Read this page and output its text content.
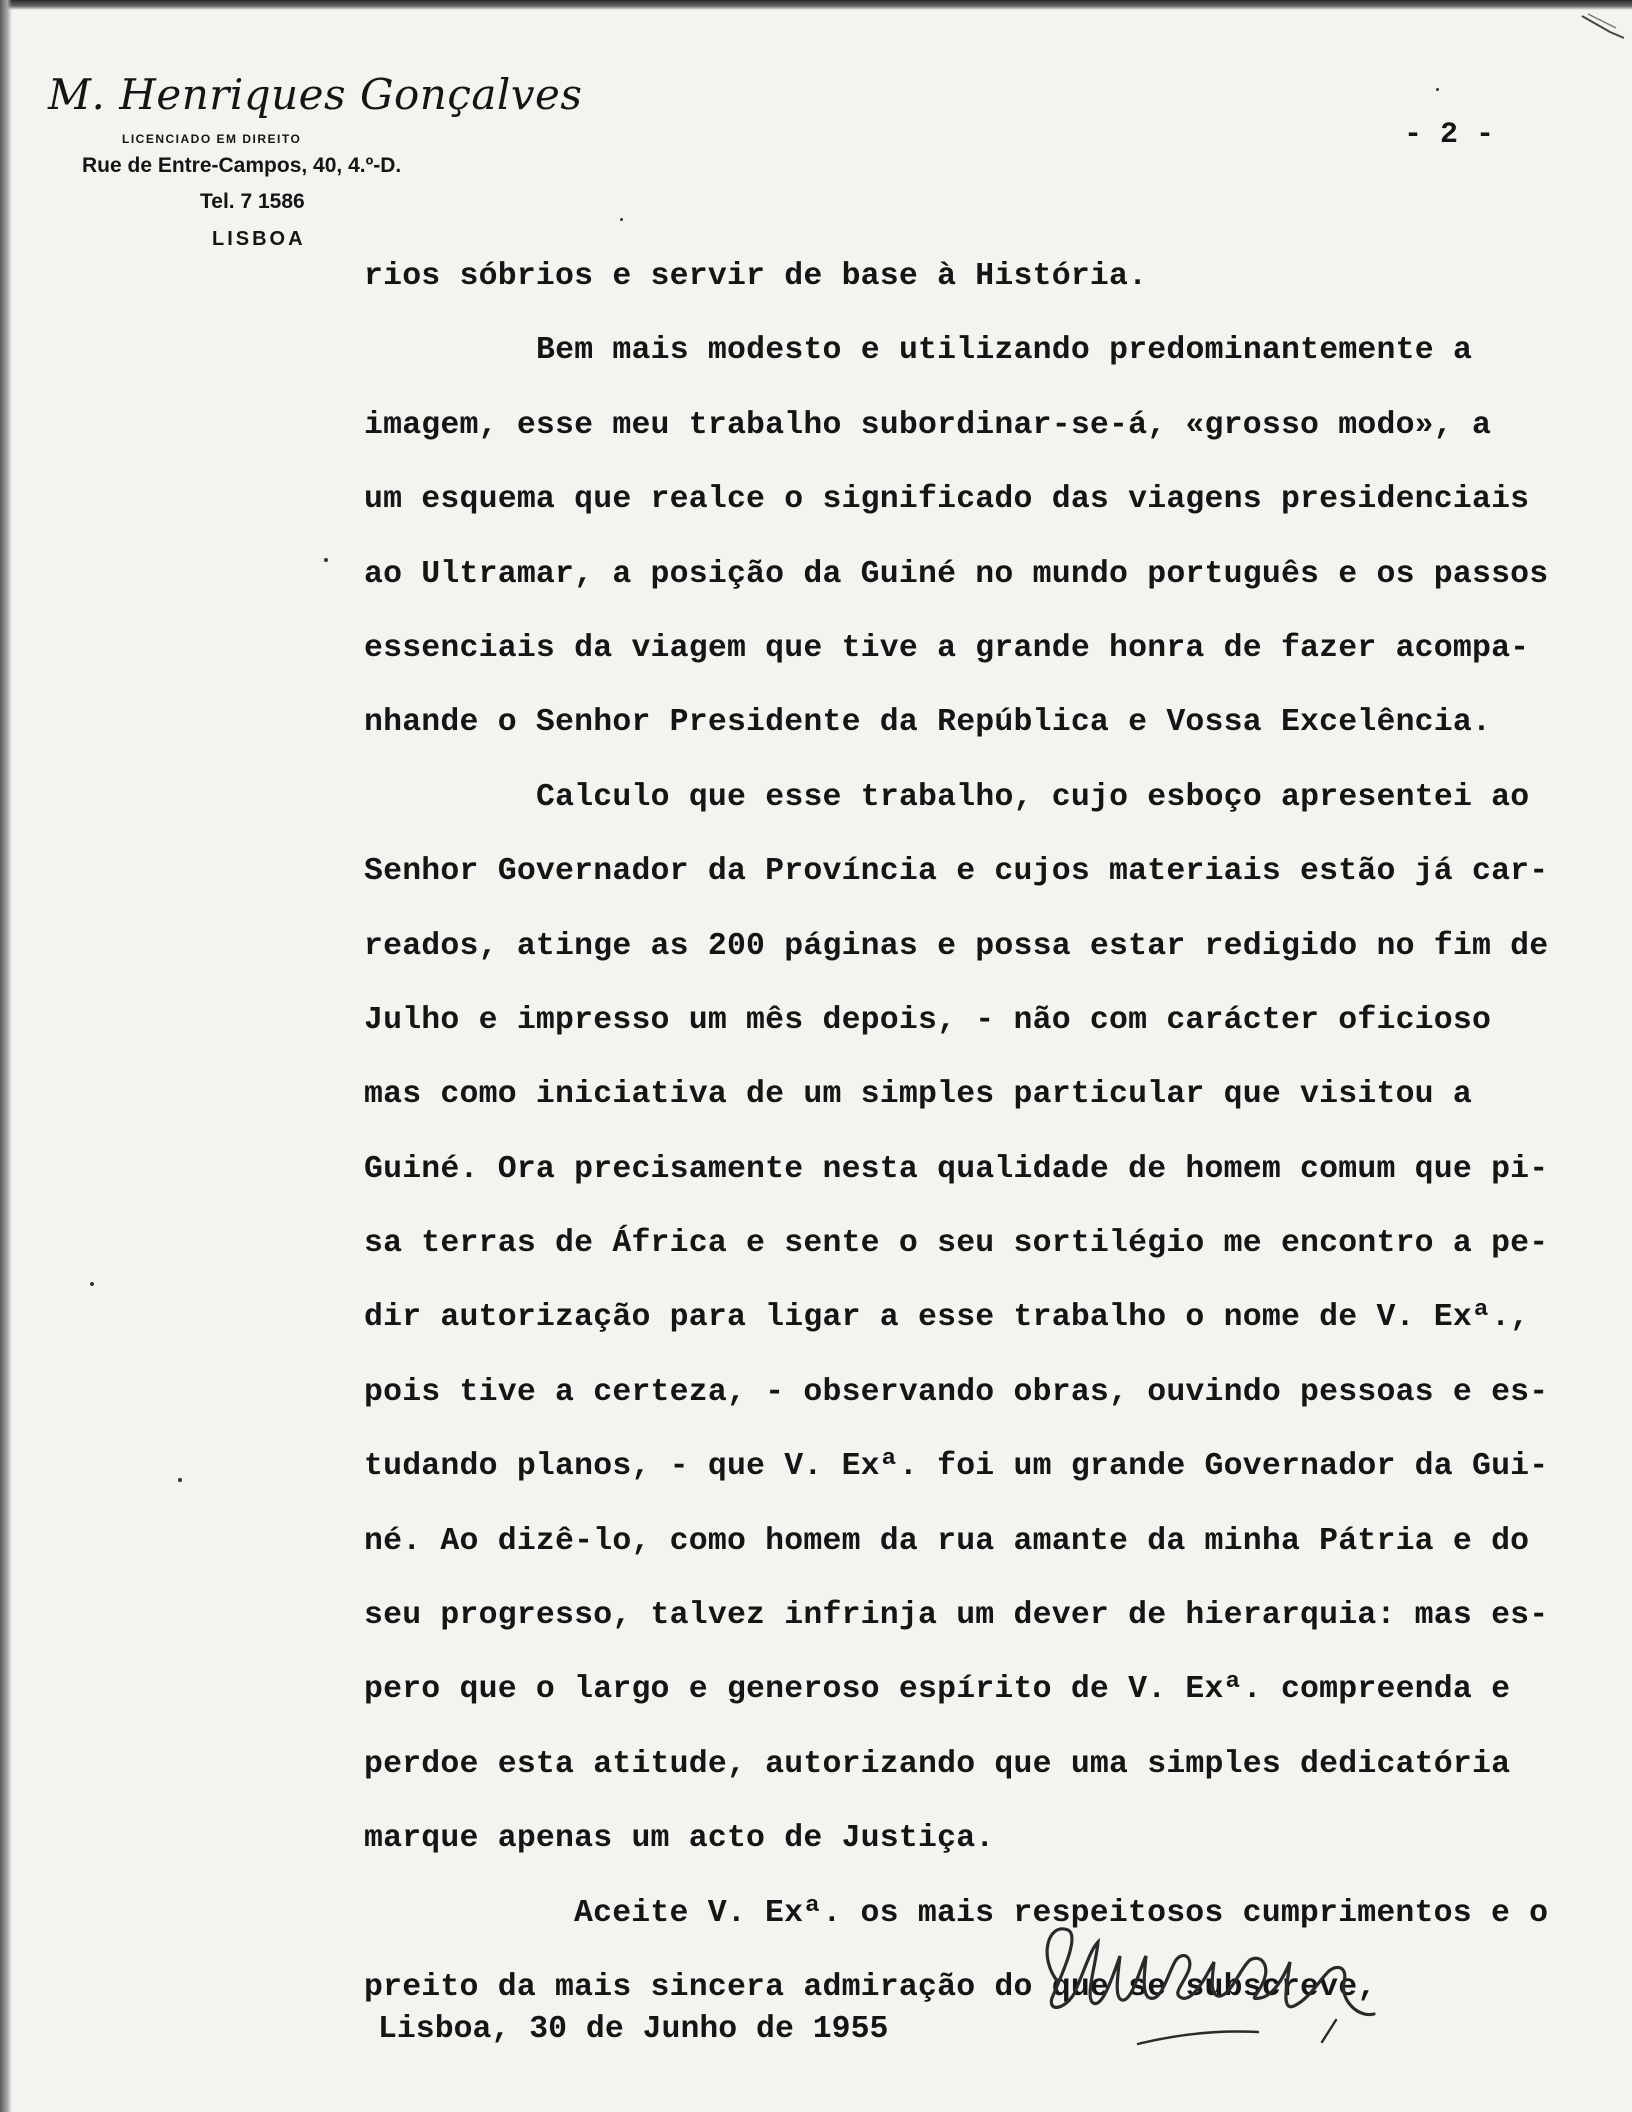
M. Henriques Gonçalves
LICENCIADO EM DIREITO
Rue de Entre-Campos, 40, 4.º-D.
Tel. 7 1586
LISBOA
- 2 -
rios sóbrios e servir de base à História.
Bem mais modesto e utilizando predominantemente a
imagem, esse meu trabalho subordinar-se-á, «grosso modo», a
um esquema que realce o significado das viagens presidenciais
ao Ultramar, a posição da Guiné no mundo português e os passos
essenciais da viagem que tive a grande honra de fazer acompa-
nhande o Senhor Presidente da República e Vossa Excelência.
Calculo que esse trabalho, cujo esboço apresentei ao
Senhor Governador da Província e cujos materiais estão já car-
reados, atinge as 200 páginas e possa estar redigido no fim de
Julho e impresso um mês depois, - não com carácter oficioso
mas como iniciativa de um simples particular que visitou a
Guiné. Ora precisamente nesta qualidade de homem comum que pi-
sa terras de África e sente o seu sortilégio me encontro a pe-
dir autorização para ligar a esse trabalho o nome de V. Exª.,
pois tive a certeza, - observando obras, ouvindo pessoas e es-
tudando planos, - que V. Exª. foi um grande Governador da Gui-
né. Ao dizê-lo, como homem da rua amante da minha Pátria e do
seu progresso, talvez infrinja um dever de hierarquia: mas es-
pero que o largo e generoso espírito de V. Exª. compreenda e
perdoe esta atitude, autorizando que uma simples dedicatória
marque apenas um acto de Justiça.
Aceite V. Exª. os mais respeitosos cumprimentos e o
preito da mais sincera admiração do que se subscreve,
Lisboa, 30 de Junho de 1955
